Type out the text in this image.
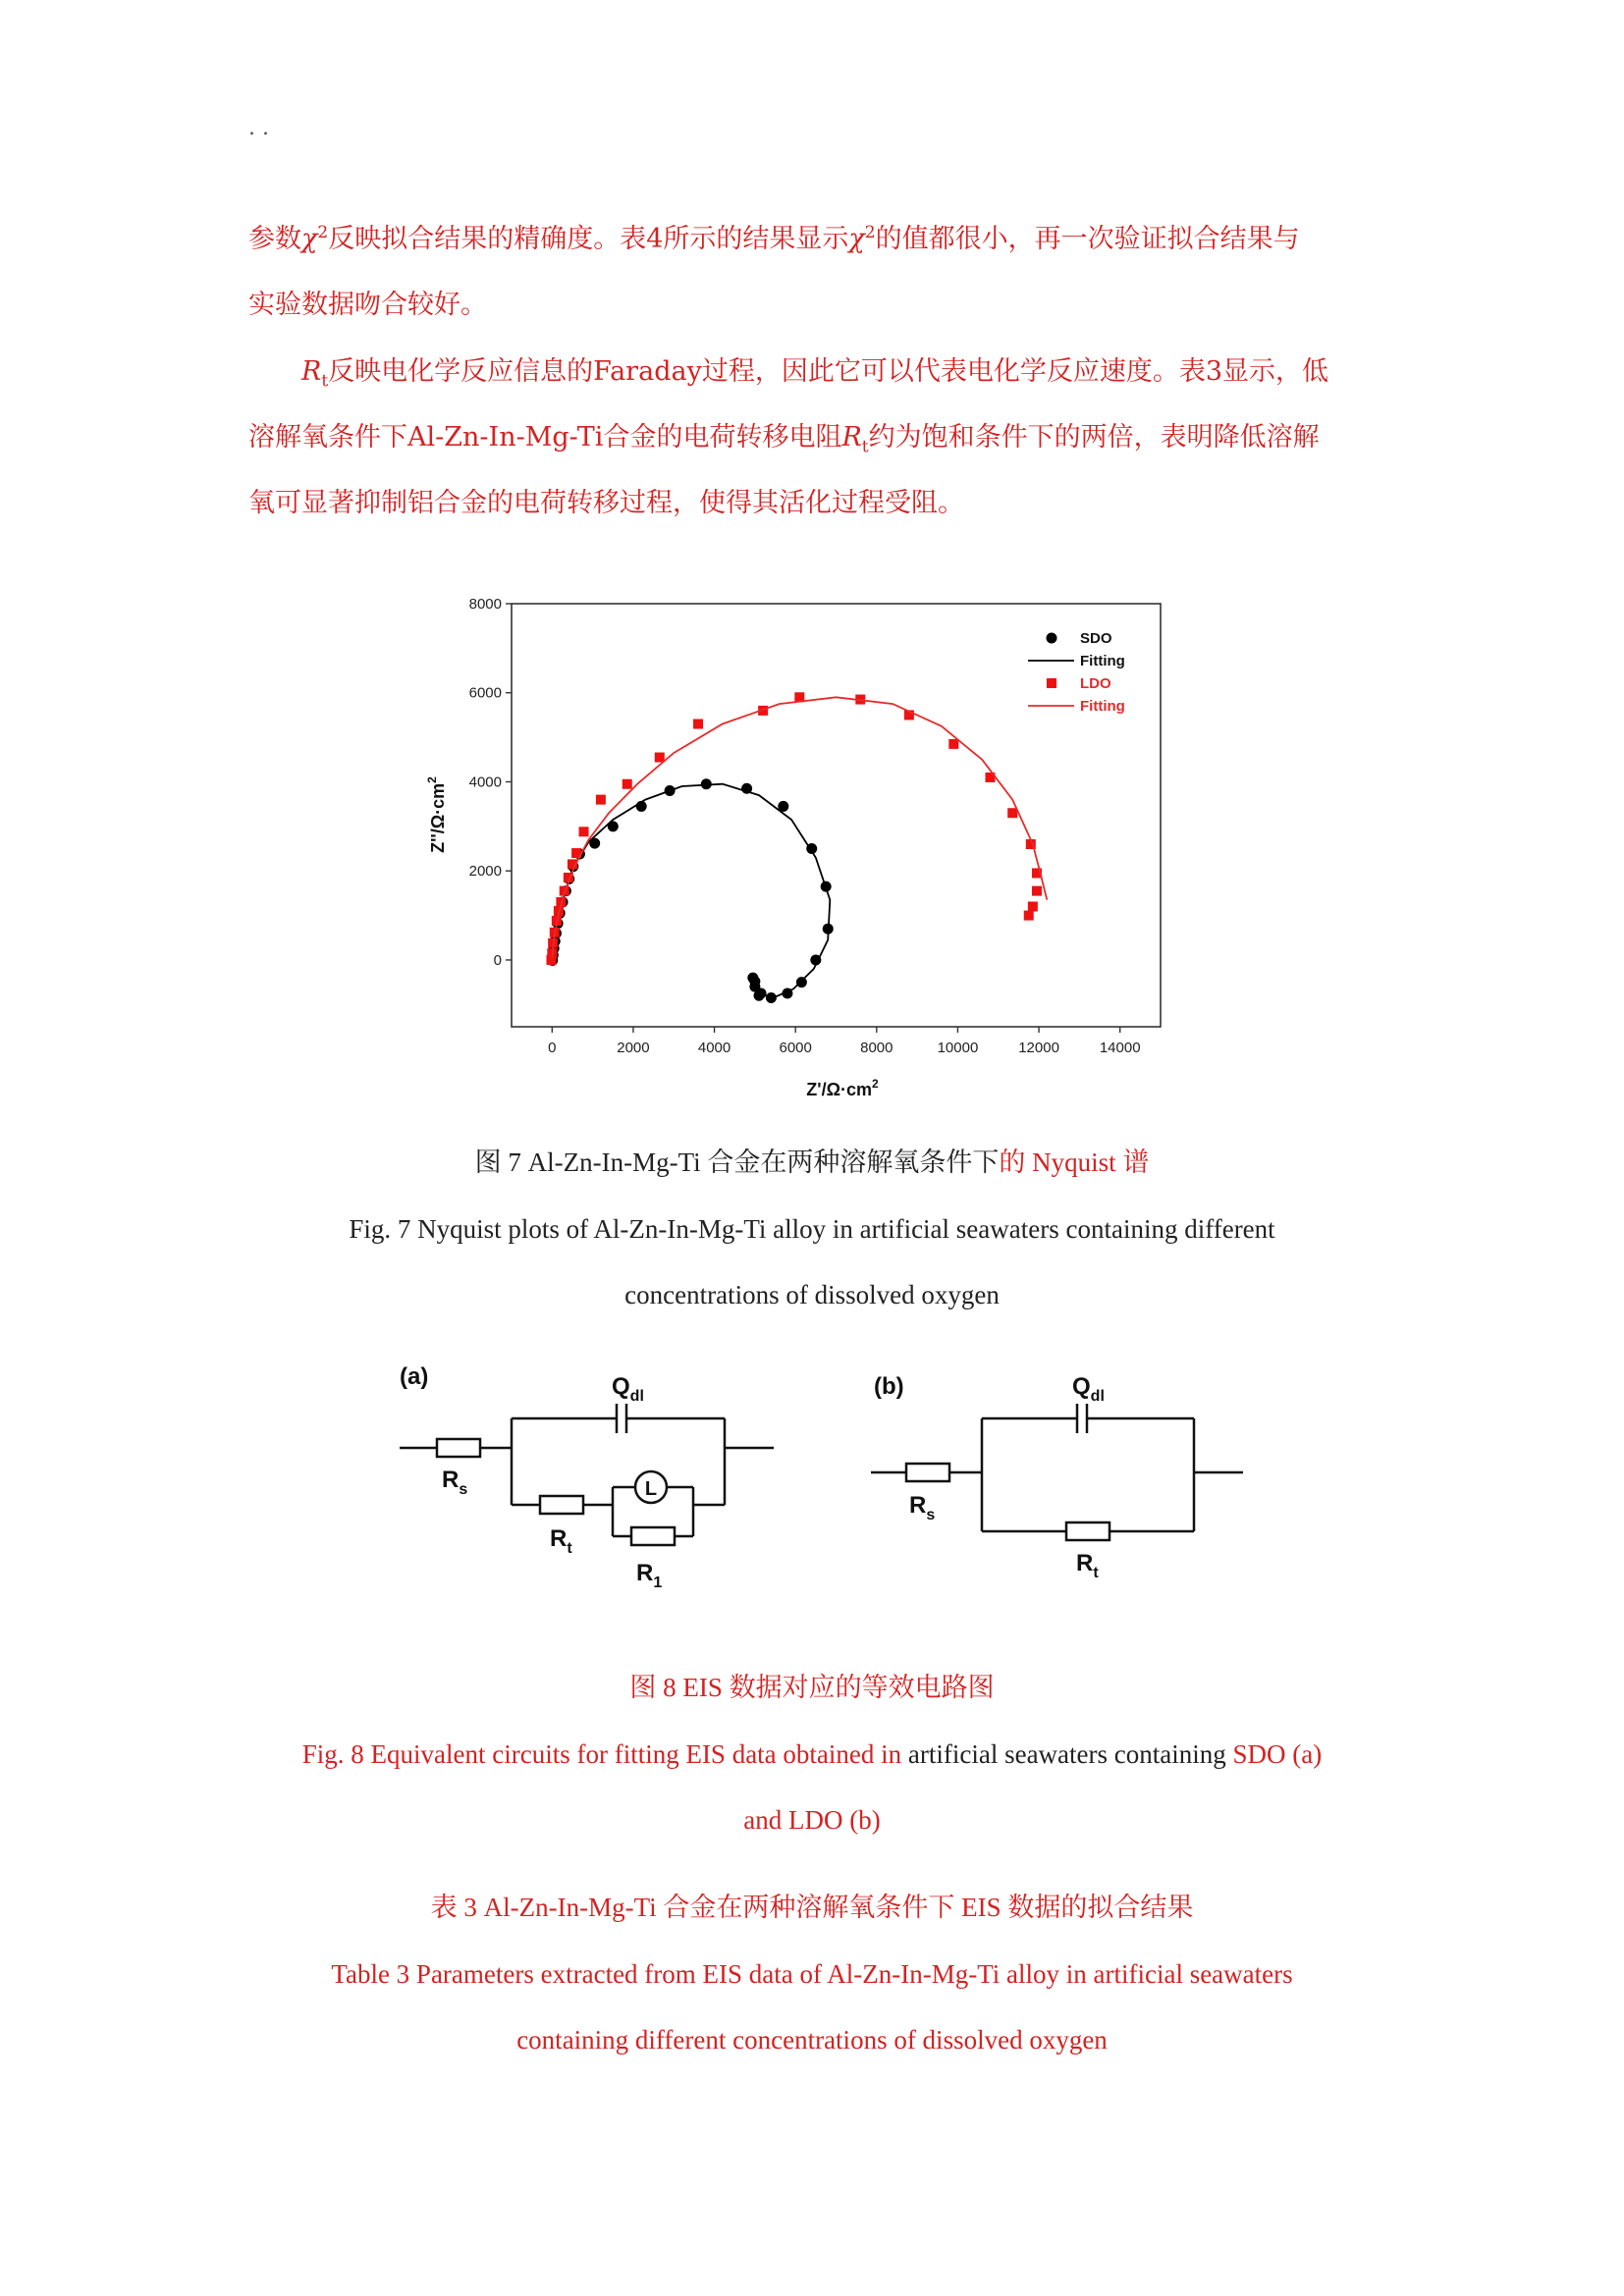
. .

参数$\chi^2$反映拟合结果的精确度。表4所示的结果显示$\chi^2$的值都很小，再一次验证拟合结果与
实验数据吻合较好。

$R_t$反映电化学反应信息的Faraday过程，因此它可以代表电化学反应速度。表3显示，低
溶解氧条件下Al-Zn-In-Mg-Ti合金的电荷转移电阻$R_t$约为饱和条件下的两倍，表明降低溶解
氧可显著抑制铝合金的电荷转移过程，使得其活化过程受阻。

0	2000	4000	6000	8000	10000	12000	14000
0
2000
4000
6000
8000
SDO
Fitting
LDO
Fitting
$Z'/\Omega\cdot cm^2$
$Z''/\Omega\cdot cm^2$
图 7 Al-Zn-In-Mg-Ti 合金在两种溶解氧条件下的 Nyquist 谱
Fig. 7 Nyquist plots of Al-Zn-In-Mg-Ti alloy in artificial seawaters containing different
concentrations of dissolved oxygen
(a)
L
$Q_{dl}$
$R_s$
$R_t$
$R_1$
(b)	$Q_{dl}$
$R_s$
$R_t$
图 8 EIS 数据对应的等效电路图
Fig. 8 Equivalent circuits for fitting EIS data obtained in artificial seawaters containing SDO (a)
and LDO (b)
表 3 Al-Zn-In-Mg-Ti 合金在两种溶解氧条件下 EIS 数据的拟合结果
Table 3 Parameters extracted from EIS data of Al-Zn-In-Mg-Ti alloy in artificial seawaters
containing different concentrations of dissolved oxygen
